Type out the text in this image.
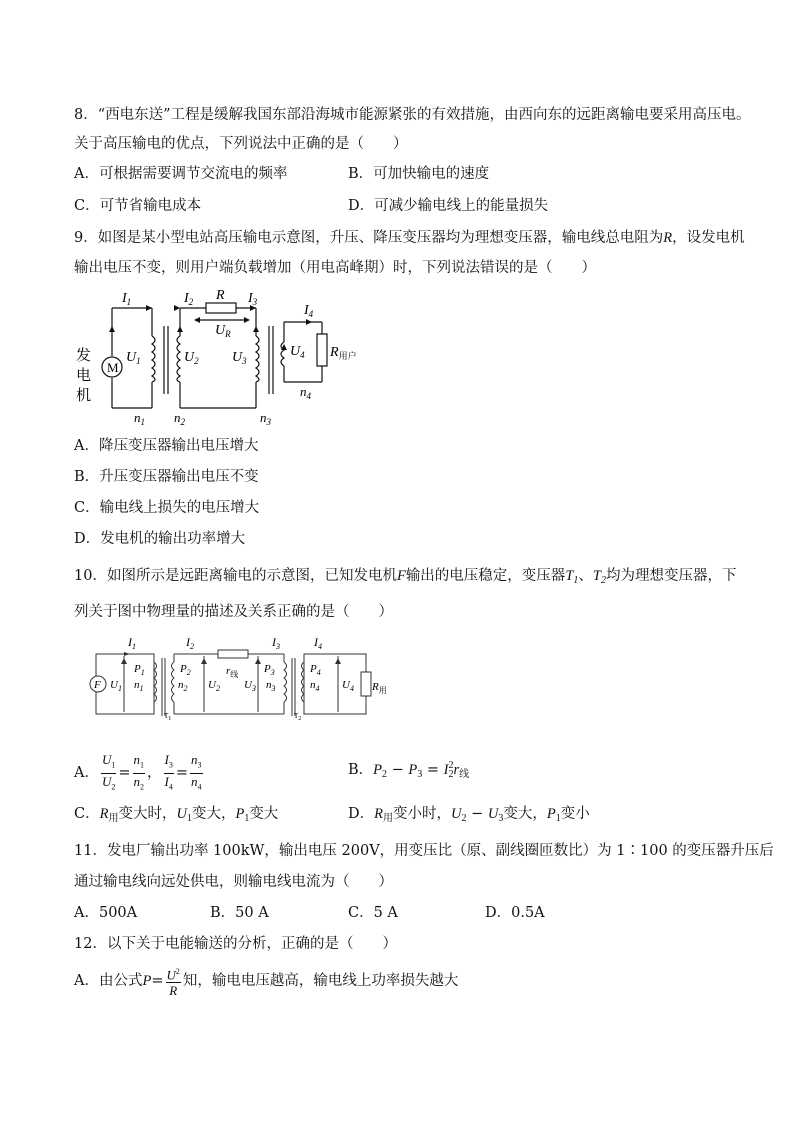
8．“西电东送”工程是缓解我国东部沿海城市能源紧张的有效措施，由西向东的远距离输电要采用高压电。
关于高压输电的优点，下列说法中正确的是（　　）
A．可根据需要调节交流电的频率	B．可加快输电的速度
C．可节省输电成本	D．可减少输电线上的能量损失
9．如图是某小型电站高压输电示意图，升压、降压变压器均为理想变压器，输电线总电阻为R，设发电机
输出电压不变，则用户端负载增加（用电高峰期）时，下列说法错误的是（　　）
M
发
电
机
$I_1$	$I_2$	$I_3$
$I_4$
R
$U_R$
$U_1$	$U_2$ $U_3$
$U_4$ $R_{用户}$
$n_1$ $n_2$	$n_3$
$n_4$
A．降压变压器输出电压增大
B．升压变压器输出电压不变
C．输电线上损失的电压增大
D．发电机的输出功率增大
10．如图所示是远距离输电的示意图，已知发电机F输出的电压稳定，变压器$T_1$、$T_2$均为理想变压器，下
列关于图中物理量的描述及关系正确的是（　　）
F
$I_1$	$I_2$	$I_3$	$I_4$
$r_线$
$P_1$	$P_2$	$P_3$	$P_4$
$n_1$	$n_2$	$n_3$	$n_4$
$U_1$	$U_2$ $U_3$	$U_4$ $R_用$
T1	T2
A． $\frac{U_1}{U_2} = \frac{n_1}{n_2}$ ， $\frac{I_3}{I_4} = \frac{n_3}{n_4}$	B．$P_2 - P_3 = I^2_2r_线$
C．$R_用$变大时，$U_1$变大，$P_1$变大	D．$R_用$变小时，$U_2 - U_3$变大，$P_1$变小
11．发电厂输出功率 100kW，输出电压 200V，用变压比（原、副线圈匝数比）为 1∶100 的变压器升压后
通过输电线向远处供电，则输电线电流为（　　）
A．500A	B．50 A	C．5 A	D．0.5A
12．以下关于电能输送的分析，正确的是（　　）
A．由公式$P= \frac{U^2}{R}$ 知，输电电压越高，输电线上功率损失越大
